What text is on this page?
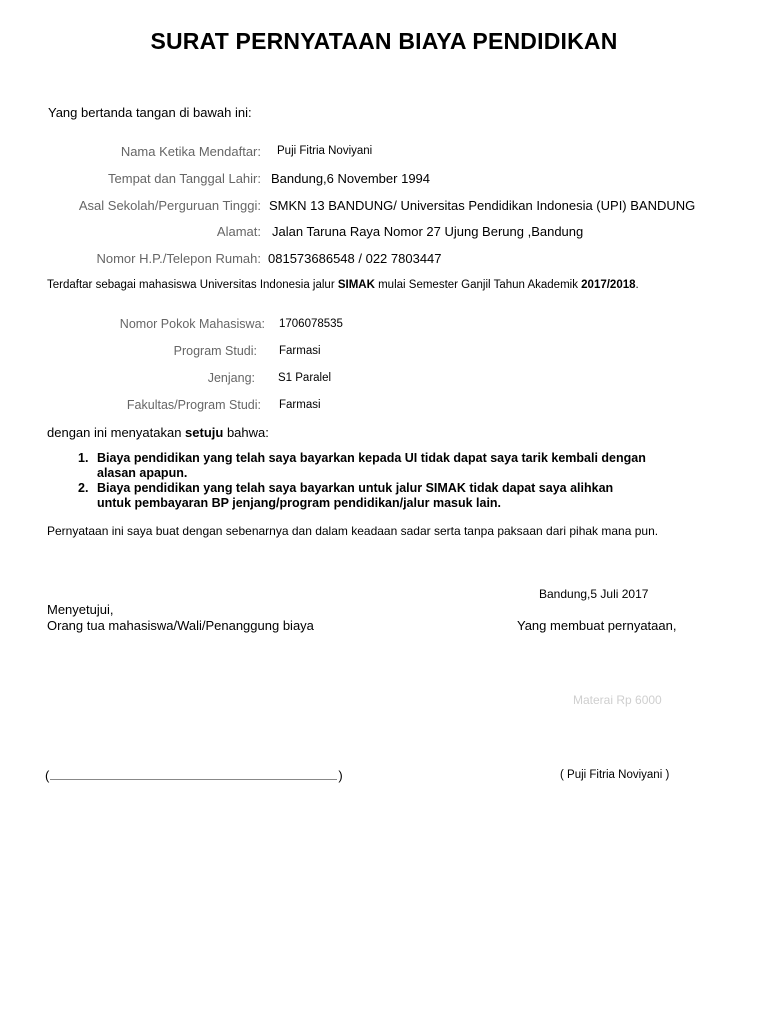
SURAT PERNYATAAN BIAYA PENDIDIKAN
Yang bertanda tangan di bawah ini:
Nama Ketika Mendaftar: Puji Fitria Noviyani
Tempat dan Tanggal Lahir: Bandung,6 November 1994
Asal Sekolah/Perguruan Tinggi: SMKN 13 BANDUNG/ Universitas Pendidikan Indonesia (UPI) BANDUNG
Alamat: Jalan Taruna Raya Nomor 27 Ujung Berung ,Bandung
Nomor H.P./Telepon Rumah: 081573686548 / 022 7803447
Terdaftar sebagai mahasiswa Universitas Indonesia jalur SIMAK mulai Semester Ganjil Tahun Akademik 2017/2018.
Nomor Pokok Mahasiswa: 1706078535
Program Studi: Farmasi
Jenjang: S1 Paralel
Fakultas/Program Studi: Farmasi
dengan ini menyatakan setuju bahwa:
1. Biaya pendidikan yang telah saya bayarkan kepada UI tidak dapat saya tarik kembali dengan
alasan apapun.
2. Biaya pendidikan yang telah saya bayarkan untuk jalur SIMAK tidak dapat saya alihkan
untuk pembayaran BP jenjang/program pendidikan/jalur masuk lain.
Pernyataan ini saya buat dengan sebenarnya dan dalam keadaan sadar serta tanpa paksaan dari pihak mana pun.
Bandung,5 Juli 2017
Menyetujui,
Orang tua mahasiswa/Wali/Penanggung biaya	Yang membuat pernyataan,
Materai Rp 6000
(	)	( Puji Fitria Noviyani )
